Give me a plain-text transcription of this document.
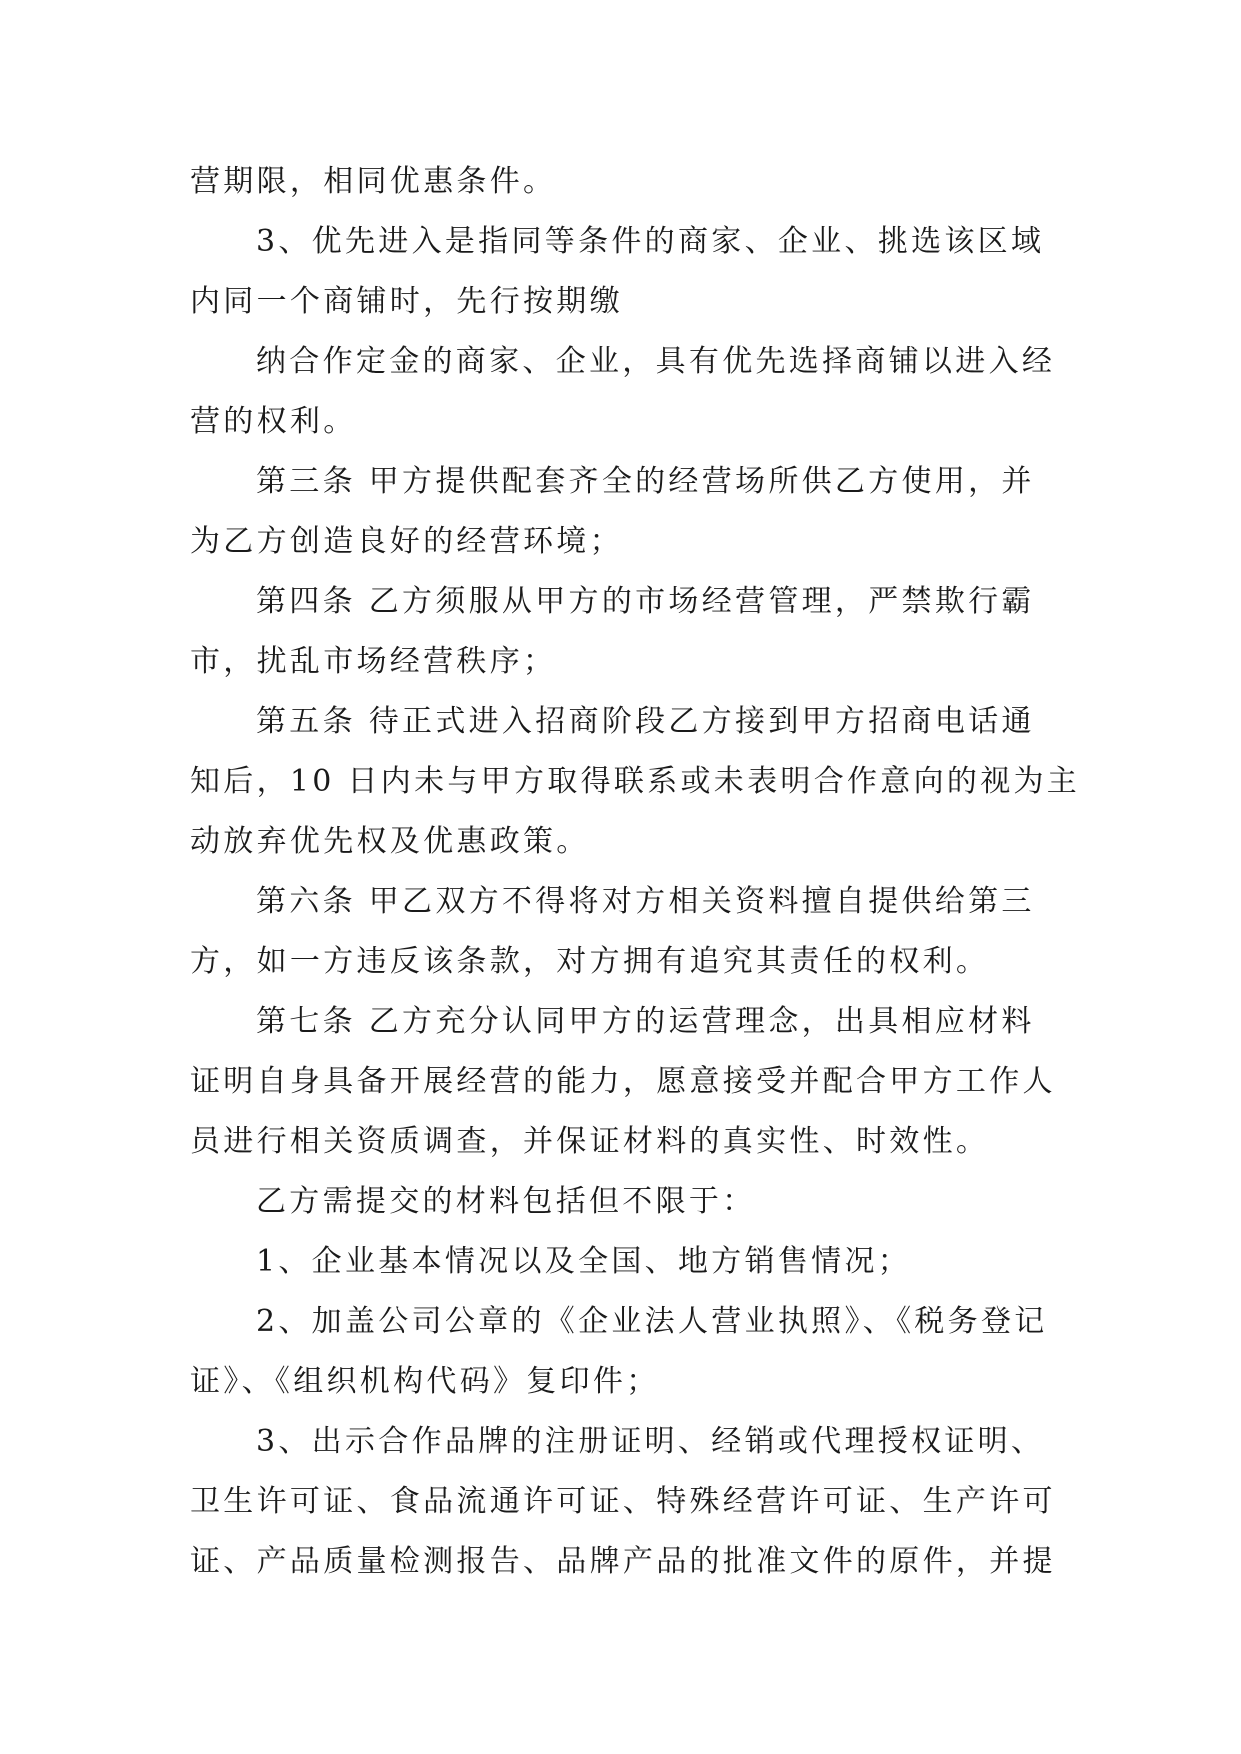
营期限，相同优惠条件。
3、优先进入是指同等条件的商家、企业、挑选该区域
内同一个商铺时，先行按期缴
纳合作定金的商家、企业，具有优先选择商铺以进入经
营的权利。
第三条 甲方提供配套齐全的经营场所供乙方使用，并
为乙方创造良好的经营环境；
第四条 乙方须服从甲方的市场经营管理，严禁欺行霸
市，扰乱市场经营秩序；
第五条 待正式进入招商阶段乙方接到甲方招商电话通
知后，10 日内未与甲方取得联系或未表明合作意向的视为主
动放弃优先权及优惠政策。
第六条 甲乙双方不得将对方相关资料擅自提供给第三
方，如一方违反该条款，对方拥有追究其责任的权利。
第七条 乙方充分认同甲方的运营理念，出具相应材料
证明自身具备开展经营的能力，愿意接受并配合甲方工作人
员进行相关资质调查，并保证材料的真实性、时效性。
乙方需提交的材料包括但不限于：
1、企业基本情况以及全国、地方销售情况；
2、加盖公司公章的《企业法人营业执照》、《税务登记
证》、《组织机构代码》复印件；
3、出示合作品牌的注册证明、经销或代理授权证明、
卫生许可证、食品流通许可证、特殊经营许可证、生产许可
证、产品质量检测报告、品牌产品的批准文件的原件，并提
